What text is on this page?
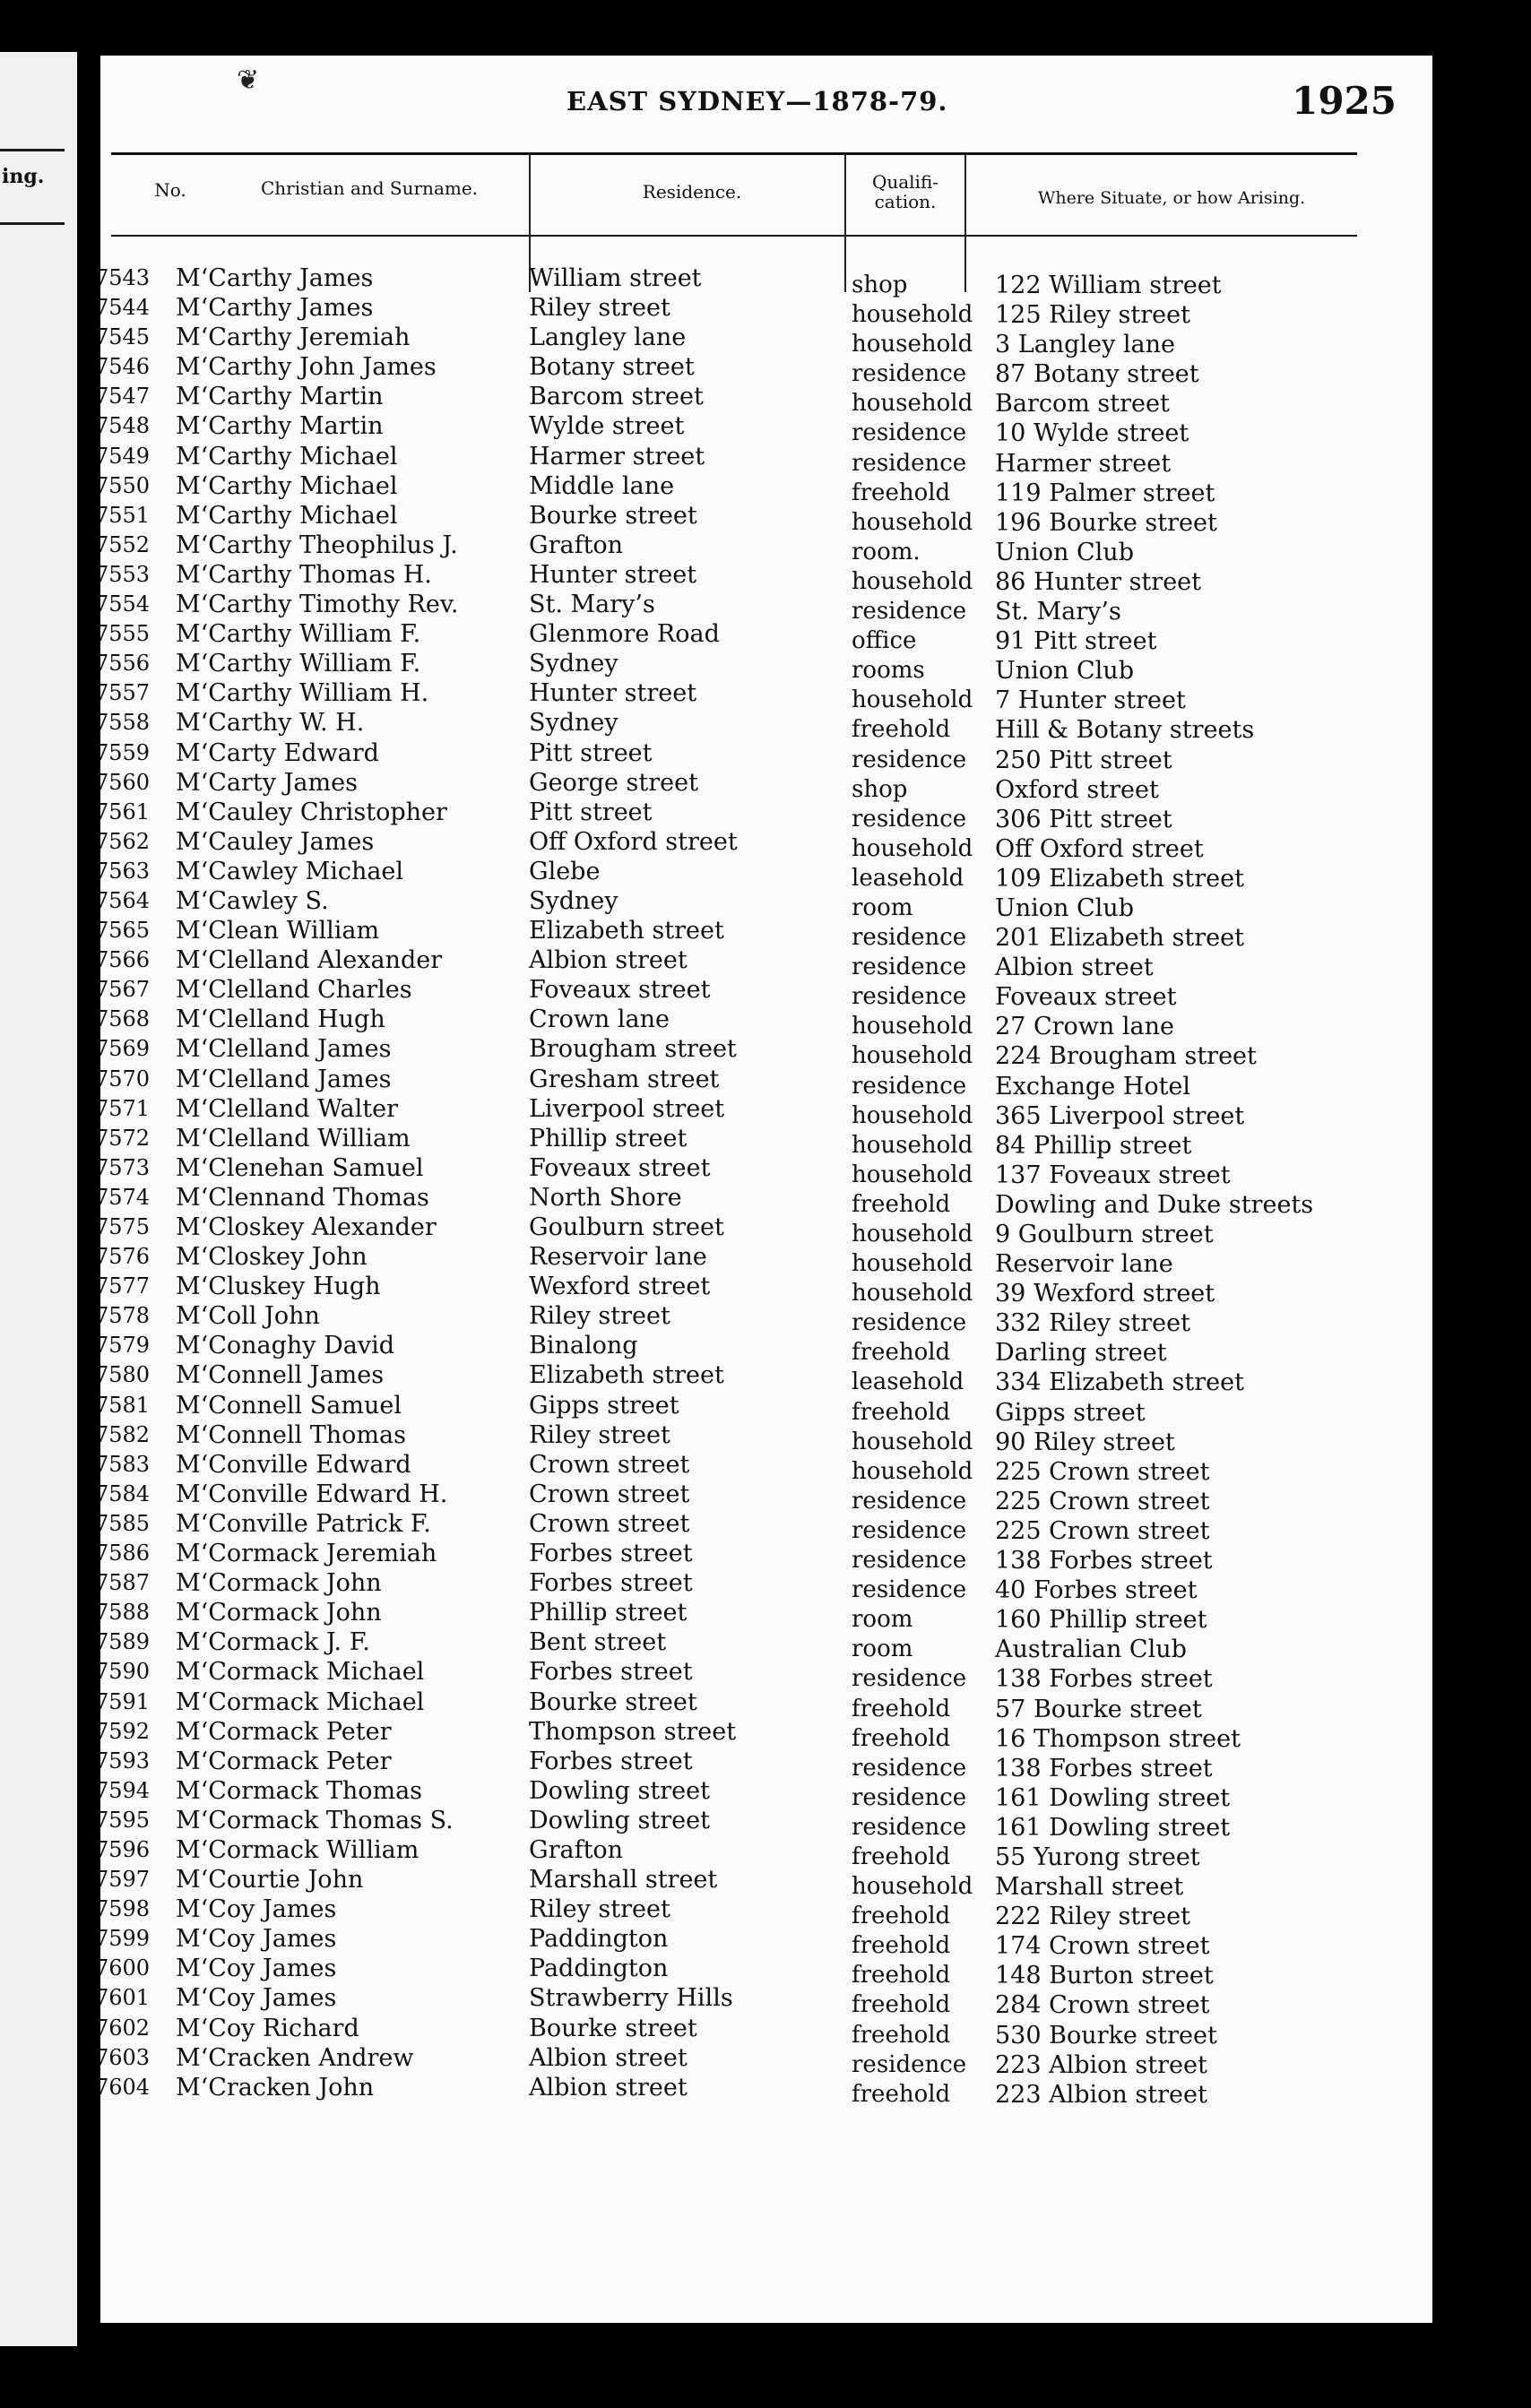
ing.
❦
EAST SYDNEY—1878-79.	1925
No.	Christian and Surname.	Residence.	Qualifi-
cation.	Where Situate, or how Arising.
7543 M‘Carthy James	William street	shop	122 William street
7544 M‘Carthy James	Riley street	household 125 Riley street
7545 M‘Carthy Jeremiah	Langley lane	household 3 Langley lane
7546 M‘Carthy John James	Botany street	residence 87 Botany street
7547 M‘Carthy Martin	Barcom street	household Barcom street
7548 M‘Carthy Martin	Wylde street	residence 10 Wylde street
7549 M‘Carthy Michael	Harmer street	residence Harmer street
7550 M‘Carthy Michael	Middle lane	freehold 119 Palmer street
7551 M‘Carthy Michael	Bourke street	household 196 Bourke street
7552 M‘Carthy Theophilus J.	Grafton	room.	Union Club
7553 M‘Carthy Thomas H.	Hunter street	household 86 Hunter street
7554 M‘Carthy Timothy Rev.	St. Mary’s	residence St. Mary’s
7555 M‘Carthy William F.	Glenmore Road	office	91 Pitt street
7556 M‘Carthy William F.	Sydney	rooms	Union Club
7557 M‘Carthy William H.	Hunter street	household 7 Hunter street
7558 M‘Carthy W. H.	Sydney	freehold Hill & Botany streets
7559 M‘Carty Edward	Pitt street	residence 250 Pitt street
7560 M‘Carty James	George street	shop	Oxford street
7561 M‘Cauley Christopher	Pitt street	residence 306 Pitt street
7562 M‘Cauley James	Off Oxford street	household Off Oxford street
7563 M‘Cawley Michael	Glebe	leasehold 109 Elizabeth street
7564 M‘Cawley S.	Sydney	room	Union Club
7565 M‘Clean William	Elizabeth street	residence 201 Elizabeth street
7566 M‘Clelland Alexander	Albion street	residence Albion street
7567 M‘Clelland Charles	Foveaux street	residence Foveaux street
7568 M‘Clelland Hugh	Crown lane	household 27 Crown lane
7569 M‘Clelland James	Brougham street	household 224 Brougham street
7570 M‘Clelland James	Gresham street	residence Exchange Hotel
7571 M‘Clelland Walter	Liverpool street	household 365 Liverpool street
7572 M‘Clelland William	Phillip street	household 84 Phillip street
7573 M‘Clenehan Samuel	Foveaux street	household 137 Foveaux street
7574 M‘Clennand Thomas	North Shore	freehold Dowling and Duke streets
7575 M‘Closkey Alexander	Goulburn street	household 9 Goulburn street
7576 M‘Closkey John	Reservoir lane	household Reservoir lane
7577 M‘Cluskey Hugh	Wexford street	household 39 Wexford street
7578 M‘Coll John	Riley street	residence 332 Riley street
7579 M‘Conaghy David	Binalong	freehold Darling street
7580 M‘Connell James	Elizabeth street	leasehold 334 Elizabeth street
7581 M‘Connell Samuel	Gipps street	freehold Gipps street
7582 M‘Connell Thomas	Riley street	household 90 Riley street
7583 M‘Conville Edward	Crown street	household 225 Crown street
7584 M‘Conville Edward H.	Crown street	residence 225 Crown street
7585 M‘Conville Patrick F.	Crown street	residence 225 Crown street
7586 M‘Cormack Jeremiah	Forbes street	residence 138 Forbes street
7587 M‘Cormack John	Forbes street	residence 40 Forbes street
7588 M‘Cormack John	Phillip street	room	160 Phillip street
7589 M‘Cormack J. F.	Bent street	room	Australian Club
7590 M‘Cormack Michael	Forbes street	residence 138 Forbes street
7591 M‘Cormack Michael	Bourke street	freehold 57 Bourke street
7592 M‘Cormack Peter	Thompson street	freehold 16 Thompson street
7593 M‘Cormack Peter	Forbes street	residence 138 Forbes street
7594 M‘Cormack Thomas	Dowling street	residence 161 Dowling street
7595 M‘Cormack Thomas S.	Dowling street	residence 161 Dowling street
7596 M‘Cormack William	Grafton	freehold 55 Yurong street
7597 M‘Courtie John	Marshall street	household Marshall street
7598 M‘Coy James	Riley street	freehold 222 Riley street
7599 M‘Coy James	Paddington	freehold 174 Crown street
7600 M‘Coy James	Paddington	freehold 148 Burton street
7601 M‘Coy James	Strawberry Hills	freehold 284 Crown street
7602 M‘Coy Richard	Bourke street	freehold 530 Bourke street
7603 M‘Cracken Andrew	Albion street	residence 223 Albion street
7604 M‘Cracken John	Albion street	freehold 223 Albion street
